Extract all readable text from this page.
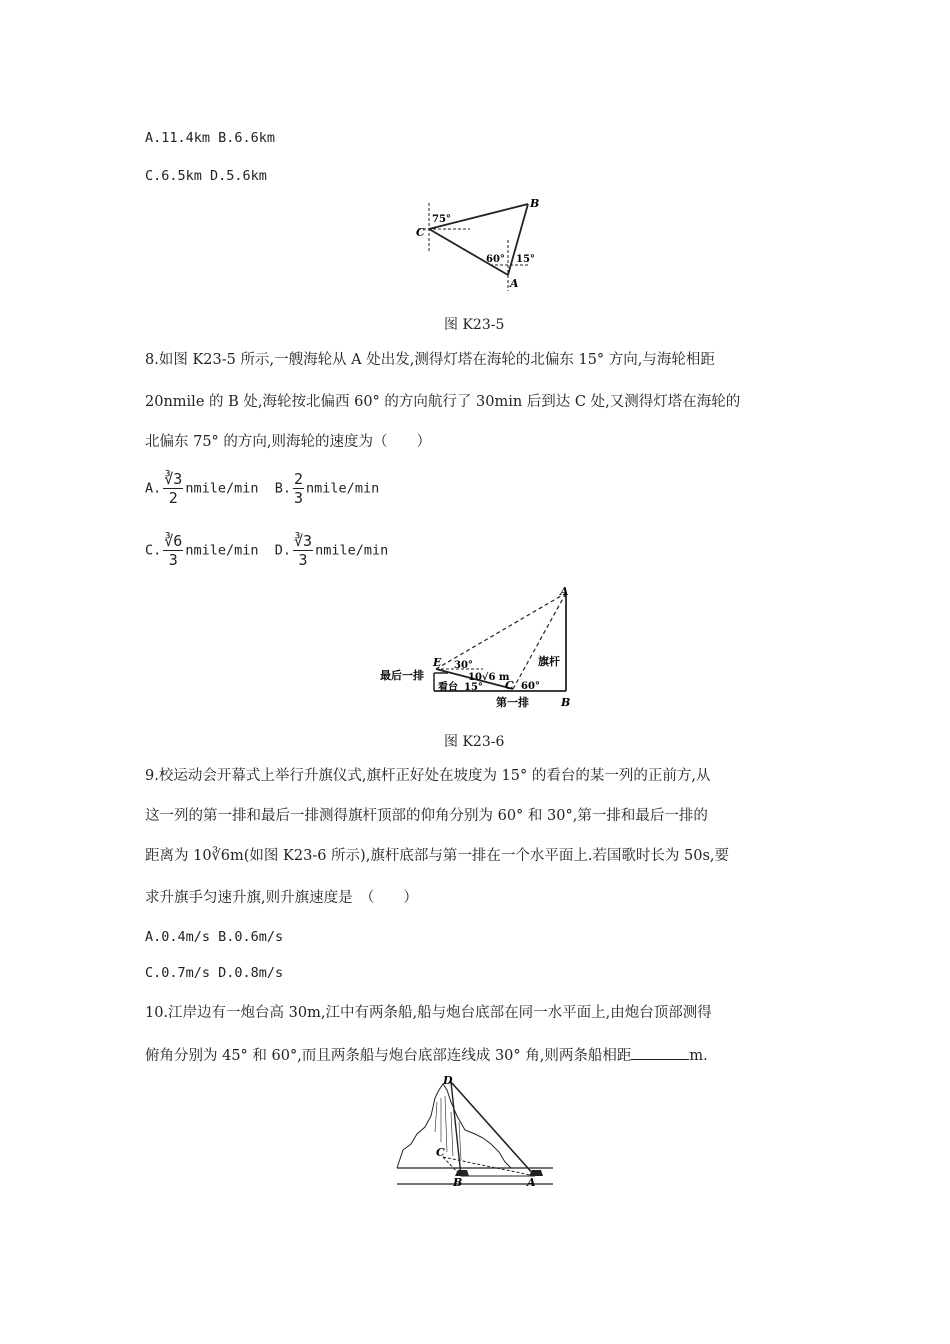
A.11.4km B.6.6km
C.6.5km D.5.6km
B
C
A
75°
60° 15°
图 K23-5
8.如图 K23-5 所示,一艘海轮从 A 处出发,测得灯塔在海轮的北偏东 15° 方向,与海轮相距
20nmile 的 B 处,海轮按北偏西 60° 的方向航行了 30min 后到达 C 处,又测得灯塔在海轮的
北偏东 75° 的方向,则海轮的速度为（　　）
A. $\frac{∛3}{2}$ nmile/min B. $\frac{2}{3}$ nmile/min
C. $\frac{∛6}{3}$ nmile/min D. $\frac{∛3}{3}$ nmile/min
A
E
C
B
30°
60°
15°
10√6 m
看台
最后一排
第一排
旗杆
图 K23-6
9.校运动会开幕式上举行升旗仪式,旗杆正好处在坡度为 15° 的看台的某一列的正前方,从
这一列的第一排和最后一排测得旗杆顶部的仰角分别为 60° 和 30°,第一排和最后一排的
距离为 10∛6m(如图 K23-6 所示),旗杆底部与第一排在一个水平面上.若国歌时长为 50s,要
求升旗手匀速升旗,则升旗速度是　（　　）
A.0.4m/s B.0.6m/s
C.0.7m/s D.0.8m/s
10.江岸边有一炮台高 30m,江中有两条船,船与炮台底部在同一水平面上,由炮台顶部测得
俯角分别为 45° 和 60°,而且两条船与炮台底部连线成 30° 角,则两条船相距	m.
D
C
B	A
